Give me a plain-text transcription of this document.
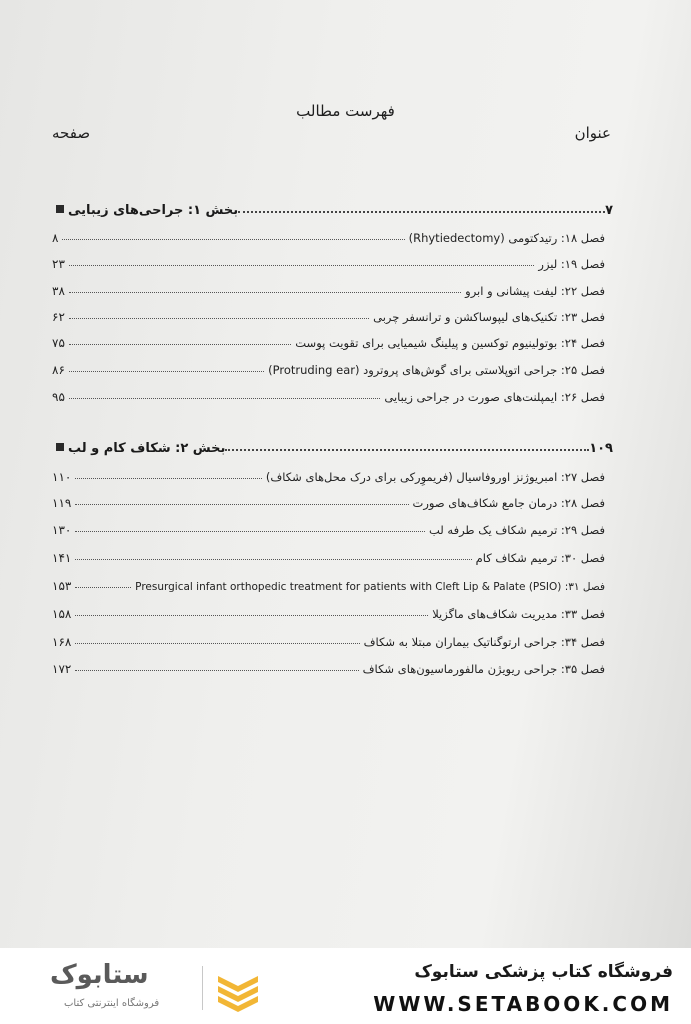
فهرست مطالب
عنوان
صفحه
بخش ۱: جراحی‌های زیبایی	۷
فصل ۱۸: رتیدکتومی (Rhytiedectomy)
۸
فصل ۱۹: لیزر
۲۳
فصل ۲۲: لیفت پیشانی و ابرو
۳۸
فصل ۲۳: تکنیک‌های لیپوساکشن و ترانسفر چربی
۶۲
فصل ۲۴: بوتولینیوم توکسین و پیلینگ شیمیایی برای تقویت پوست
۷۵
فصل ۲۵: جراحی اتوپلاستی برای گوش‌های پروترود (Protruding ear)
۸۶
فصل ۲۶: ایمپلنت‌های صورت در جراحی زیبایی
۹۵
بخش ۲: شکاف کام و لب	۱۰۹
فصل ۲۷: امبریوژنز اوروفاسیال (فریموِرکی برای درک محل‌های شکاف)
۱۱۰
فصل ۲۸: درمان جامع شکاف‌های صورت
۱۱۹
فصل ۲۹: ترمیم شکاف یک طرفه لب
۱۳۰
فصل ۳۰: ترمیم شکاف کام
۱۴۱
فصل ۳۱: Presurgical infant orthopedic treatment for patients with Cleft Lip & Palate (PSIO)
۱۵۳
فصل ۳۳: مدیریت شکاف‌های ماگزیلا
۱۵۸
فصل ۳۴: جراحی ارتوگناتیک بیماران مبتلا به شکاف
۱۶۸
فصل ۳۵: جراحی ریویژن مالفورماسیون‌های شکاف
۱۷۲
ستابوک
فروشگاه اینترنتی کتاب
فروشگاه کتاب پزشکی ستابوک
WWW.SETABOOK.COM
